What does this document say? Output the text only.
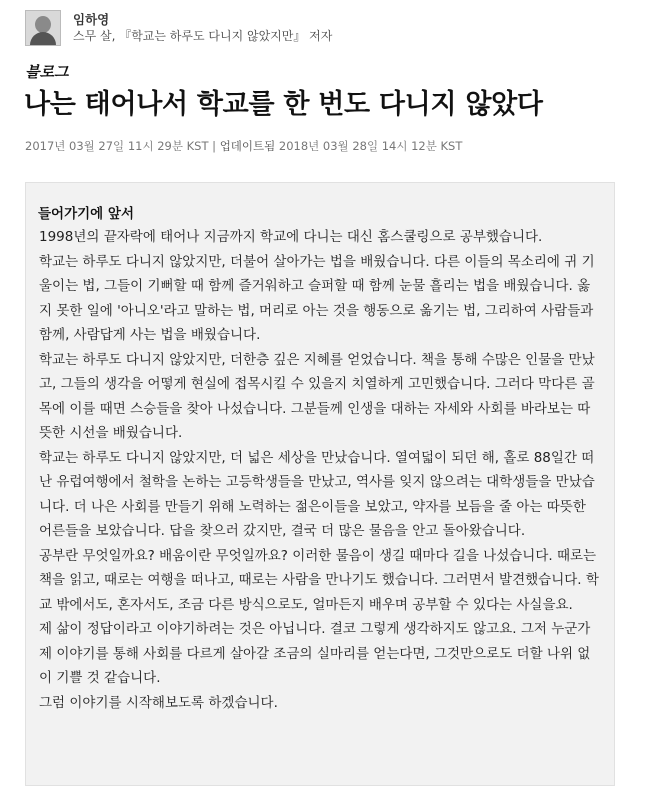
임하영
스무 살, 『학교는 하루도 다니지 않았지만』 저자
블로그
나는 태어나서 학교를 한 번도 다니지 않았다
2017년 03월 27일 11시 29분 KST | 업데이트됨 2018년 03월 28일 14시 12분 KST
들어가기에 앞서

1998년의 끝자락에 태어나 지금까지 학교에 다니는 대신 홈스쿨링으로 공부했습니다.

학교는 하루도 다니지 않았지만, 더불어 살아가는 법을 배웠습니다. 다른 이들의 목소리에 귀 기울이는 법, 그들이 기뻐할 때 함께 즐거워하고 슬퍼할 때 함께 눈물 흘리는 법을 배웠습니다. 옳지 못한 일에 '아니오'라고 말하는 법, 머리로 아는 것을 행동으로 옮기는 법, 그리하여 사람들과 함께, 사람답게 사는 법을 배웠습니다.

학교는 하루도 다니지 않았지만, 더한층 깊은 지혜를 얻었습니다. 책을 통해 수많은 인물을 만났고, 그들의 생각을 어떻게 현실에 접목시킬 수 있을지 치열하게 고민했습니다. 그러다 막다른 골목에 이를 때면 스승들을 찾아 나섰습니다. 그분들께 인생을 대하는 자세와 사회를 바라보는 따뜻한 시선을 배웠습니다.

학교는 하루도 다니지 않았지만, 더 넓은 세상을 만났습니다. 열여덟이 되던 해, 홀로 88일간 떠난 유럽여행에서 철학을 논하는 고등학생들을 만났고, 역사를 잊지 않으려는 대학생들을 만났습니다. 더 나은 사회를 만들기 위해 노력하는 젊은이들을 보았고, 약자를 보듬을 줄 아는 따뜻한 어른들을 보았습니다. 답을 찾으러 갔지만, 결국 더 많은 물음을 안고 돌아왔습니다.

공부란 무엇일까요? 배움이란 무엇일까요? 이러한 물음이 생길 때마다 길을 나섰습니다. 때로는 책을 읽고, 때로는 여행을 떠나고, 때로는 사람을 만나기도 했습니다. 그러면서 발견했습니다. 학교 밖에서도, 혼자서도, 조금 다른 방식으로도, 얼마든지 배우며 공부할 수 있다는 사실을요.

제 삶이 정답이라고 이야기하려는 것은 아닙니다. 결코 그렇게 생각하지도 않고요. 그저 누군가 제 이야기를 통해 사회를 다르게 살아갈 조금의 실마리를 얻는다면, 그것만으로도 더할 나위 없이 기쁠 것 같습니다.

그럼 이야기를 시작해보도록 하겠습니다.
